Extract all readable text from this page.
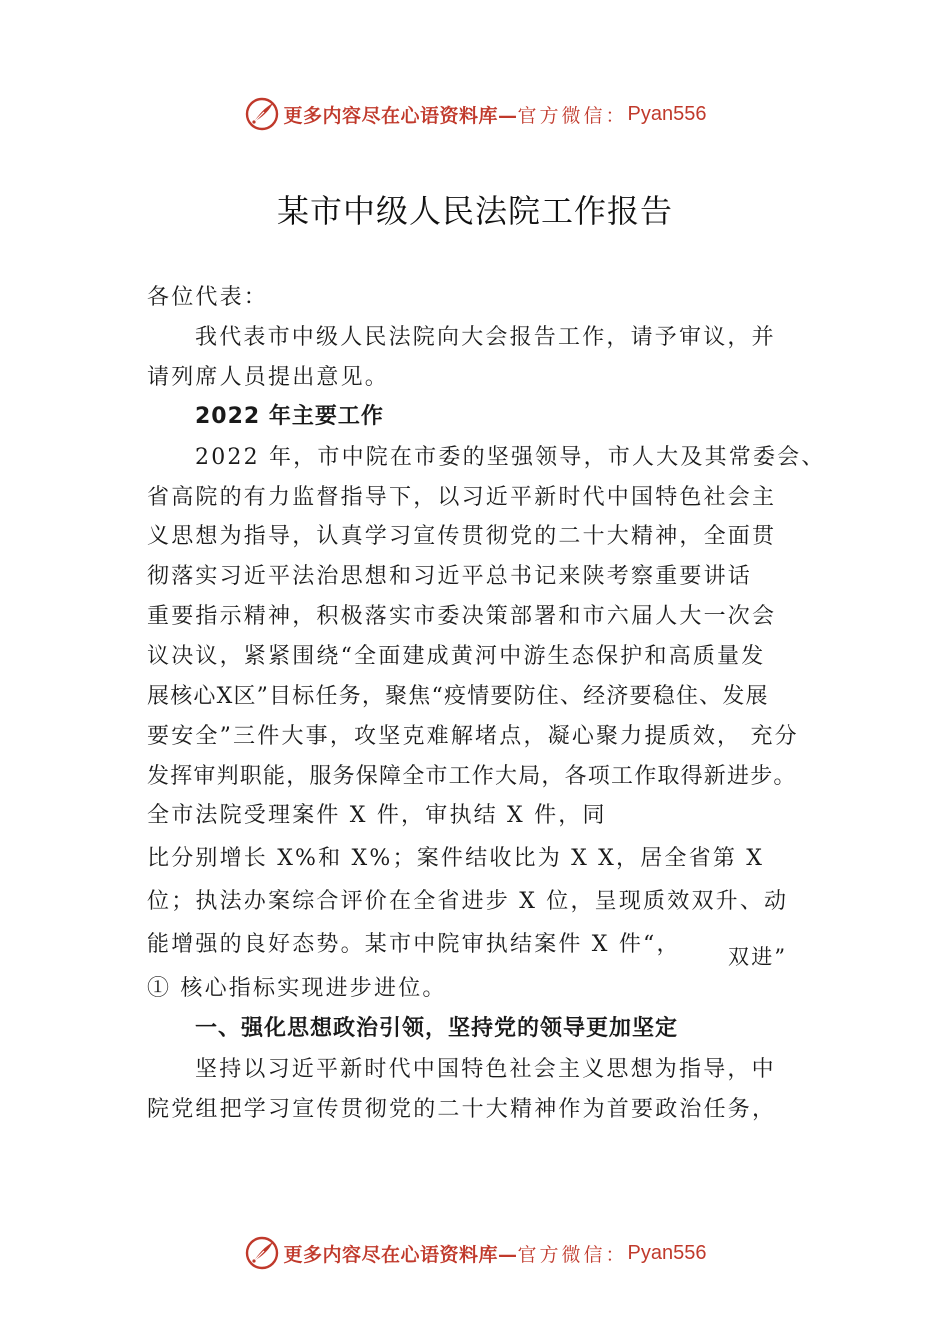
更多内容尽在心语资料库— 官方微信： Pyan556
某市中级人民法院工作报告
各位代表：
我代表市中级人民法院向大会报告工作，请予审议，并
请列席人员提出意见。
2022 年主要工作
2022 年，市中院在市委的坚强领导，市人大及其常委会、
省高院的有力监督指导下，以习近平新时代中国特色社会主
义思想为指导，认真学习宣传贯彻党的二十大精神，全面贯
彻落实习近平法治思想和习近平总书记来陕考察重要讲话
重要指示精神，积极落实市委决策部署和市六届人大一次会
议决议，紧紧围绕“全面建成黄河中游生态保护和高质量发
展核心X区”目标任务，聚焦“疫情要防住、经济要稳住、发展
要安全”三件大事，攻坚克难解堵点，凝心聚力提质效， 充分
发挥审判职能，服务保障全市工作大局，各项工作取得新进步。
全市法院受理案件 X 件，审执结 X 件，同
比分别增长 X%和 X%；案件结收比为 X X，居全省第 X
位；执法办案综合评价在全省进步 X 位，呈现质效双升、动
能增强的良好态势。某市中院审执结案件 X 件“， 双进”
① 核心指标实现进步进位。
一、强化思想政治引领，坚持党的领导更加坚定
坚持以习近平新时代中国特色社会主义思想为指导，中
院党组把学习宣传贯彻党的二十大精神作为首要政治任务，
更多内容尽在心语资料库— 官方微信： Pyan556
